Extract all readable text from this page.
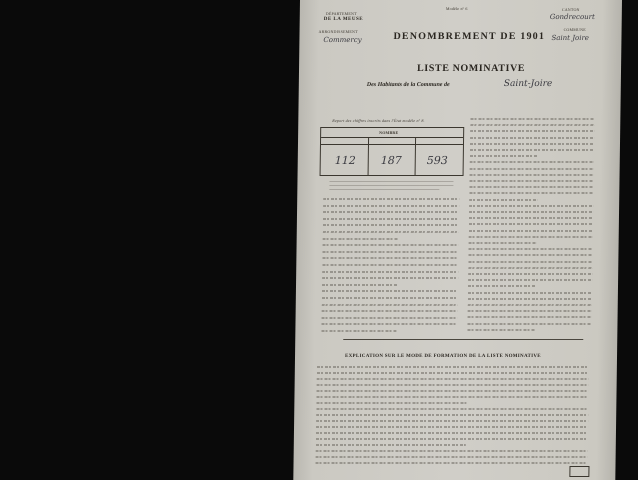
DÉPARTEMENT
DE LA MEUSE
ARRONDISSEMENT
Commercy
Modèle nº 6	CANTON
Gondrecourt
COMMUNE
Saint Joire
DENOMBREMENT DE 1901
LISTE NOMINATIVE
Des Habitants de la Commune de	Saint-Joire
Report des chiffres inscrits dans l'État modèle nº 8.
NOMBRE
112 187 593
EXPLICATION SUR LE MODE DE FORMATION DE LA LISTE NOMINATIVE
